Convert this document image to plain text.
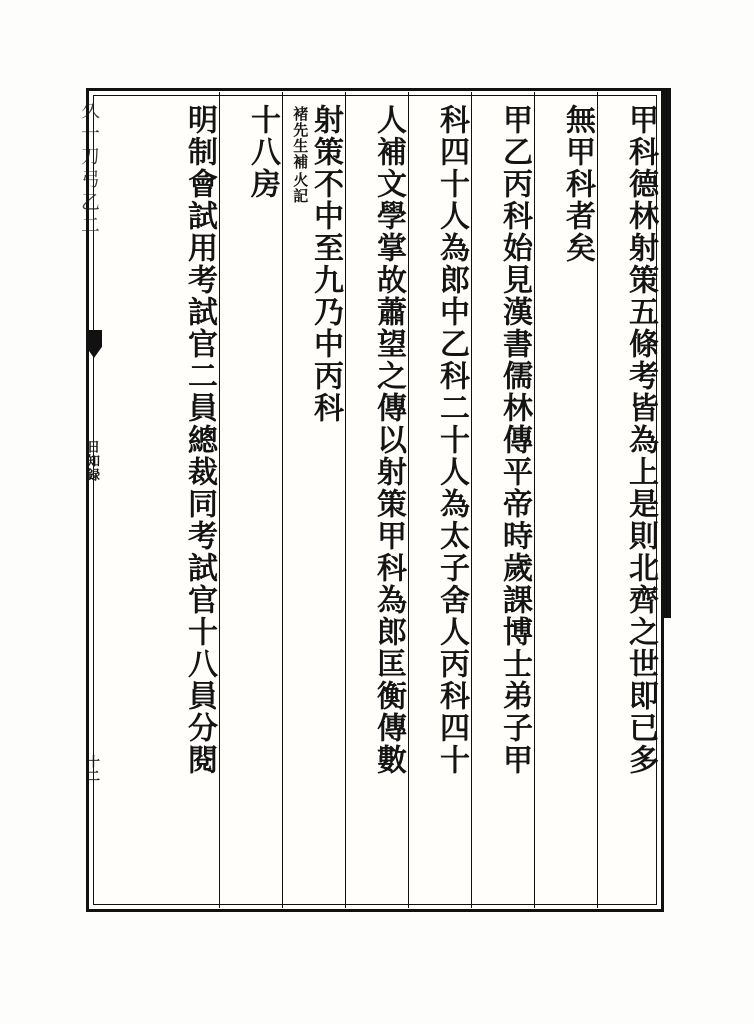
久一刀弓乙二
日知録
十二	甲科德林射策五條考皆為上是則北齊之世即已多
無甲科者矣
甲乙丙科始見漢書儒林傳平帝時歲課博士弟子甲
科四十人為郎中乙科二十人為太子舍人丙科四十
人補文學掌故蕭望之傳以射策甲科為郎匡衡傳數
射策不中至九乃中丙科
褚先生補
火記
十八房
明制會試用考試官二員總裁同考試官十八員分閱
